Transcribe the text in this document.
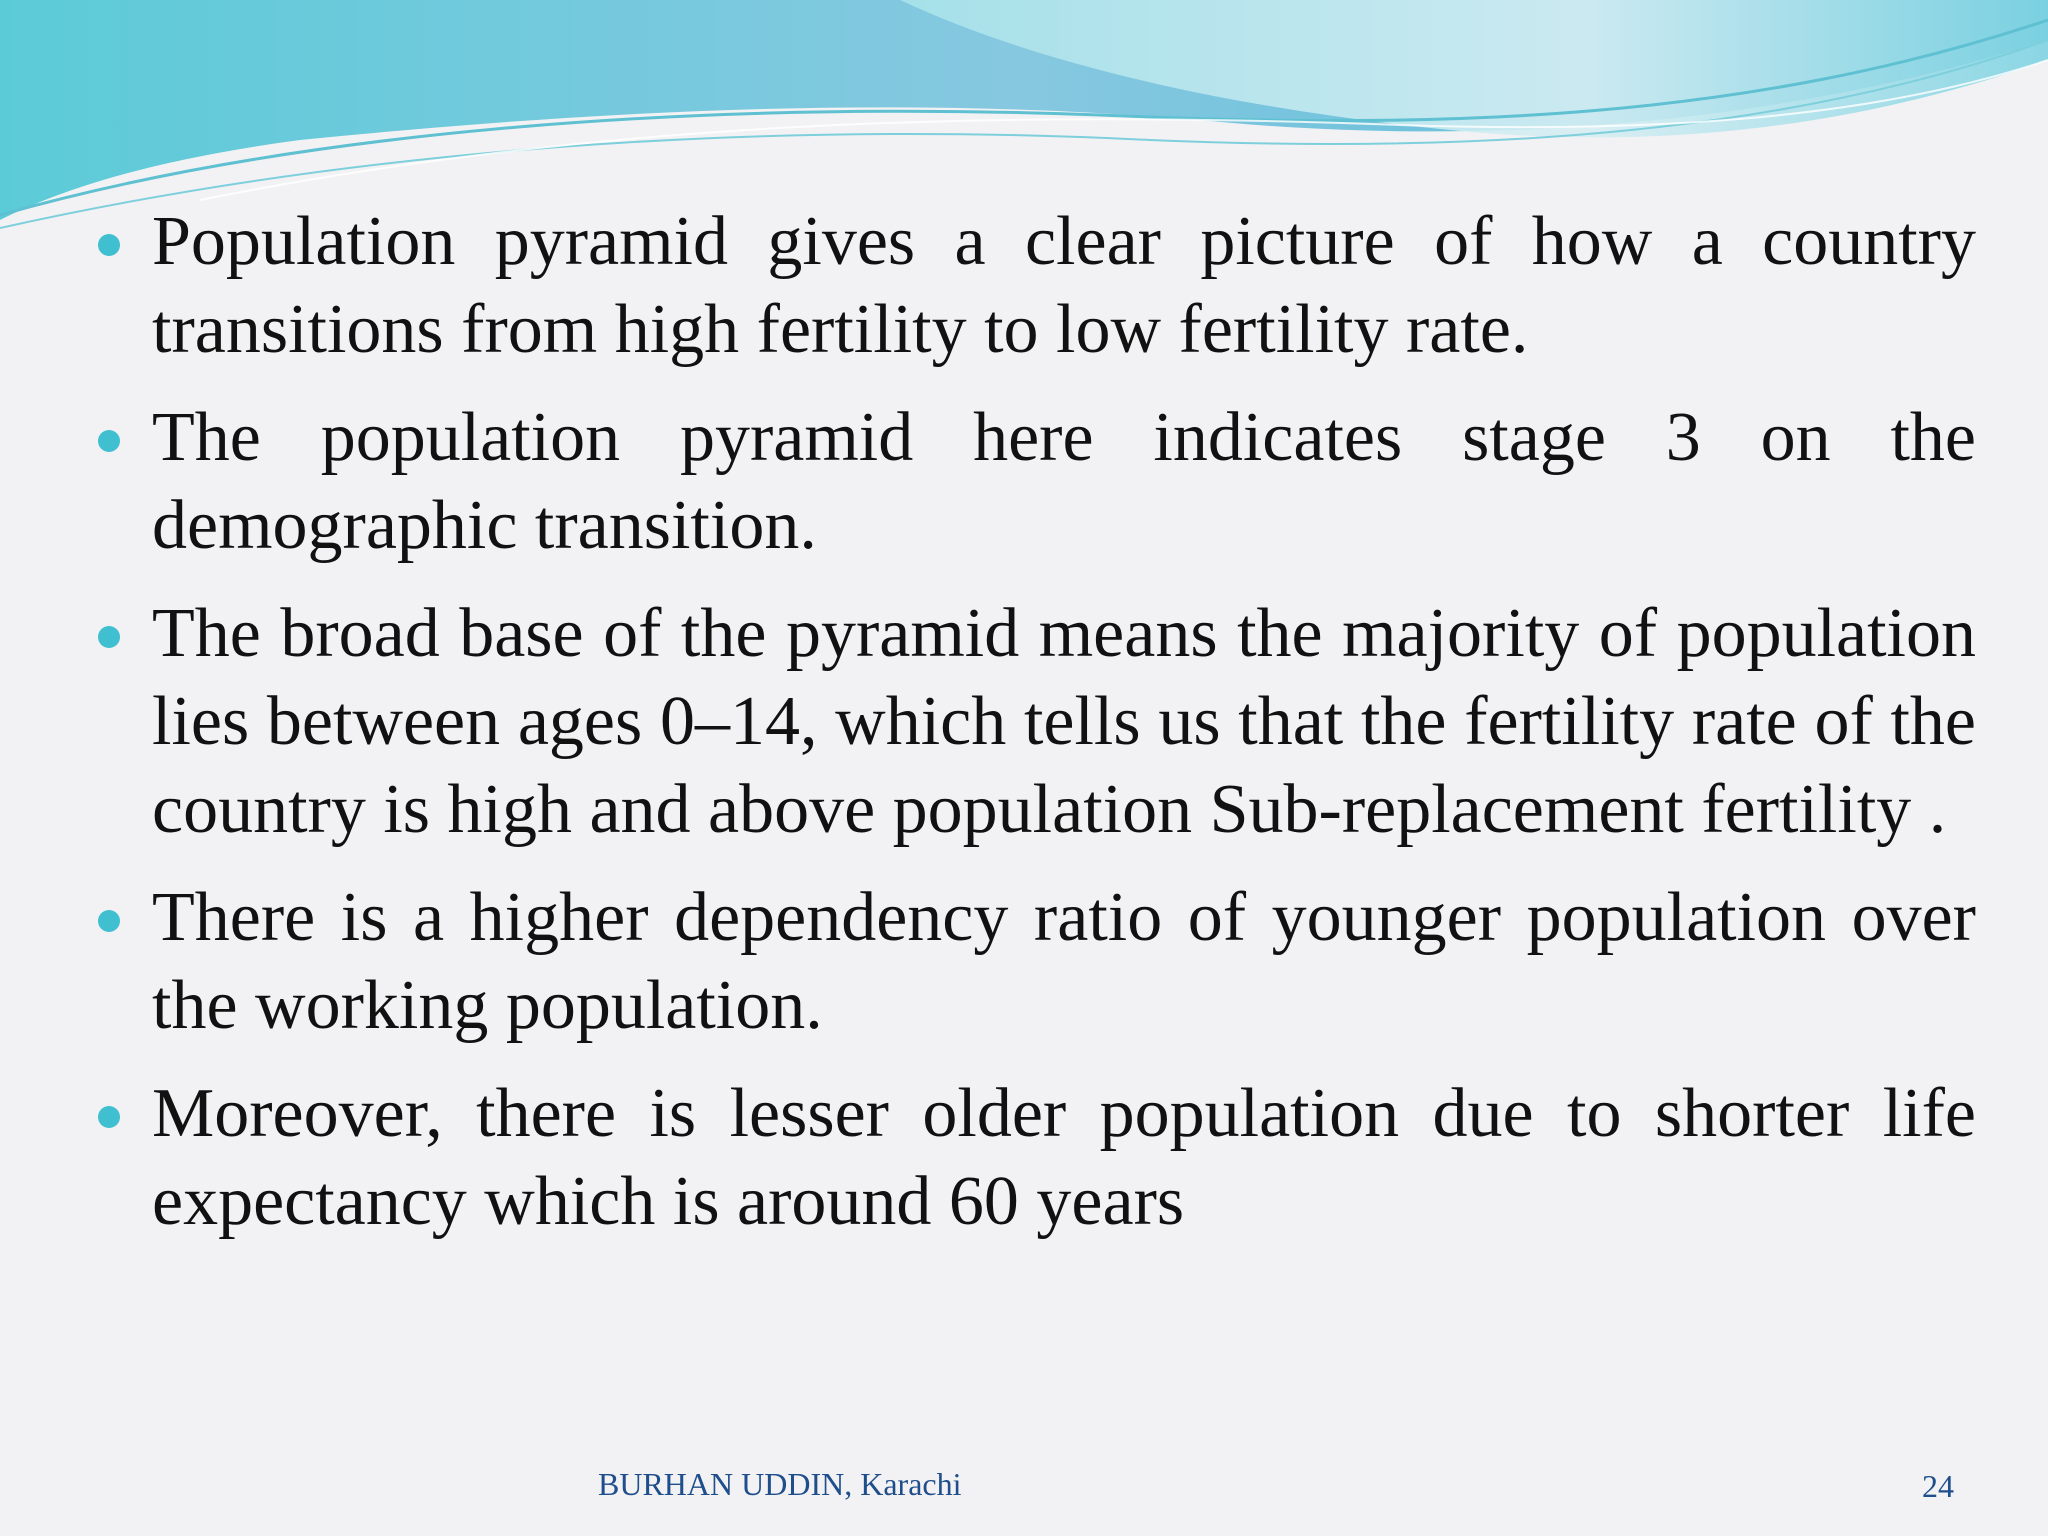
Population pyramid gives a clear picture of how a country transitions from high fertility to low fertility rate.
The population pyramid here indicates stage 3 on the demographic transition.
The broad base of the pyramid means the majority of population lies between ages 0–14, which tells us that the fertility rate of the country is high and above population Sub-replacement fertility .
There is a higher dependency ratio of younger population over the working population.
Moreover, there is lesser older population due to shorter life expectancy which is around 60 years
BURHAN UDDIN, Karachi	24
